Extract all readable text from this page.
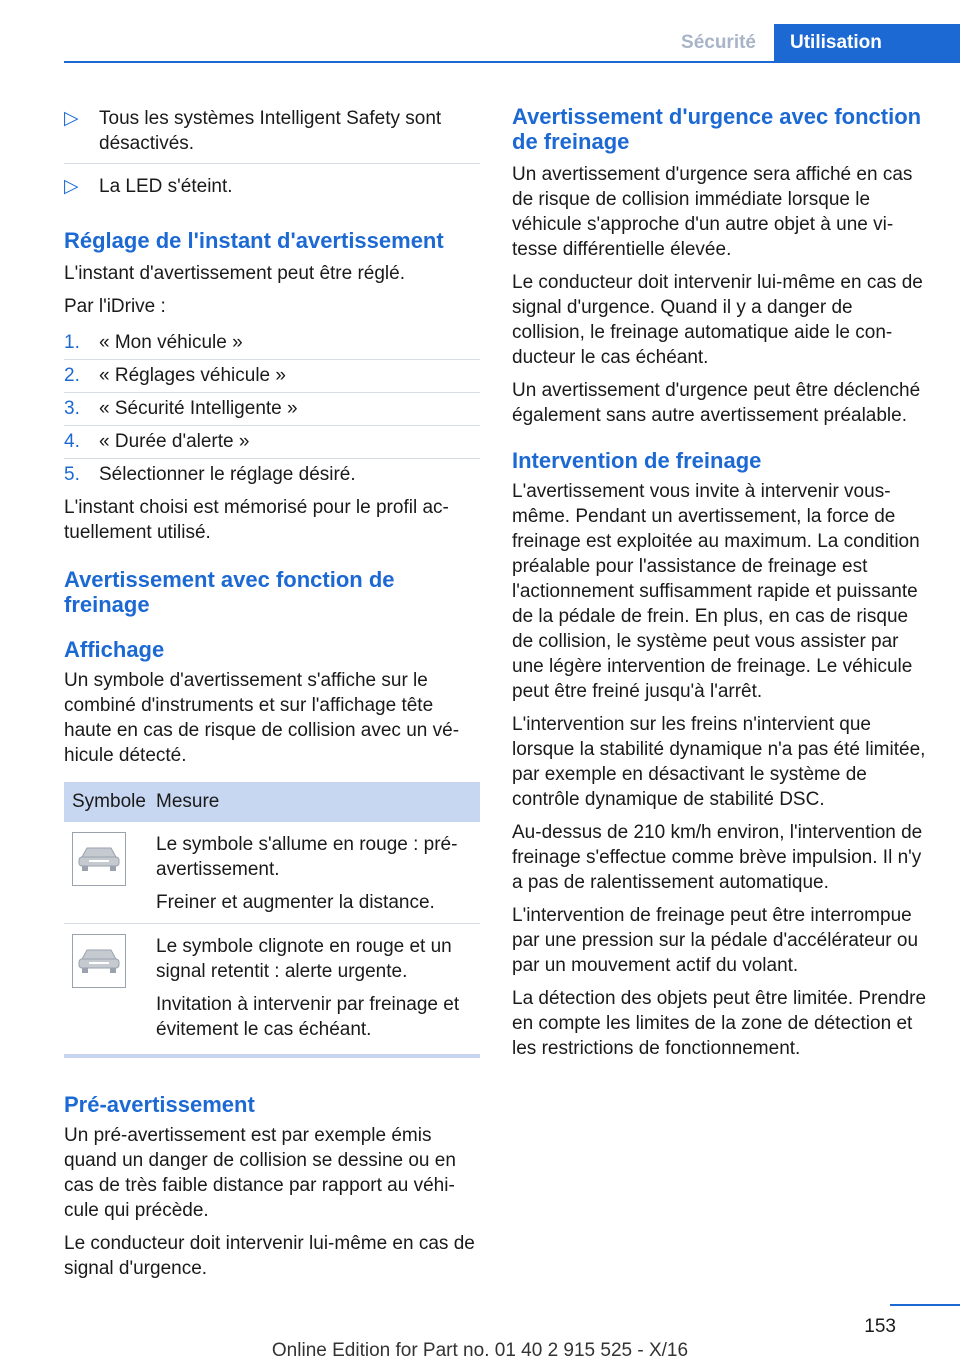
Sécurité	Utilisation
▷ Tous les systèmes Intelligent Safety sont désactivés.
▷ La LED s'éteint.
Réglage de l'instant d'avertissement

L'instant d'avertissement peut être réglé.

Par l'iDrive :

1. « Mon véhicule »
2. « Réglages véhicule »
3. « Sécurité Intelligente »
4. « Durée d'alerte »
5. Sélectionner le réglage désiré.

L'instant choisi est mémorisé pour le profil actuellement utilisé.

Avertissement avec fonction de freinage
Affichage

Un symbole d'avertissement s'affiche sur le combiné d'instruments et sur l'affichage tête haute en cas de risque de collision avec un véhicule détecté.

Symbole	Mesure

Le symbole s'allume en rouge : pré-avertissement.

Freiner et augmenter la distance.

Le symbole clignote en rouge et un signal retentit : alerte urgente.

Invitation à intervenir par freinage et évitement le cas échéant.

Pré-avertissement

Un pré-avertissement est par exemple émis quand un danger de collision se dessine ou en cas de très faible distance par rapport au véhicule qui précède.

Le conducteur doit intervenir lui-même en cas de signal d'urgence.

Avertissement d'urgence avec fonction de freinage

Un avertissement d'urgence sera affiché en cas de risque de collision immédiate lorsque le véhicule s'approche d'un autre objet à une vitesse différentielle élevée.

Le conducteur doit intervenir lui-même en cas de signal d'urgence. Quand il y a danger de collision, le freinage automatique aide le conducteur le cas échéant.

Un avertissement d'urgence peut être déclenché également sans autre avertissement préalable.

Intervention de freinage

L'avertissement vous invite à intervenir vous-même. Pendant un avertissement, la force de freinage est exploitée au maximum. La condition préalable pour l'assistance de freinage est l'actionnement suffisamment rapide et puissante de la pédale de frein. En plus, en cas de risque de collision, le système peut vous assister par une légère intervention de freinage. Le véhicule peut être freiné jusqu'à l'arrêt.

L'intervention sur les freins n'intervient que lorsque la stabilité dynamique n'a pas été limitée, par exemple en désactivant le système de contrôle dynamique de stabilité DSC.

Au-dessus de 210 km/h environ, l'intervention de freinage s'effectue comme brève impulsion. Il n'y a pas de ralentissement automatique.

L'intervention de freinage peut être interrompue par une pression sur la pédale d'accélérateur ou par un mouvement actif du volant.

La détection des objets peut être limitée. Prendre en compte les limites de la zone de détection et les restrictions de fonctionnement.

153
Online Edition for Part no. 01 40 2 915 525 - X/16
